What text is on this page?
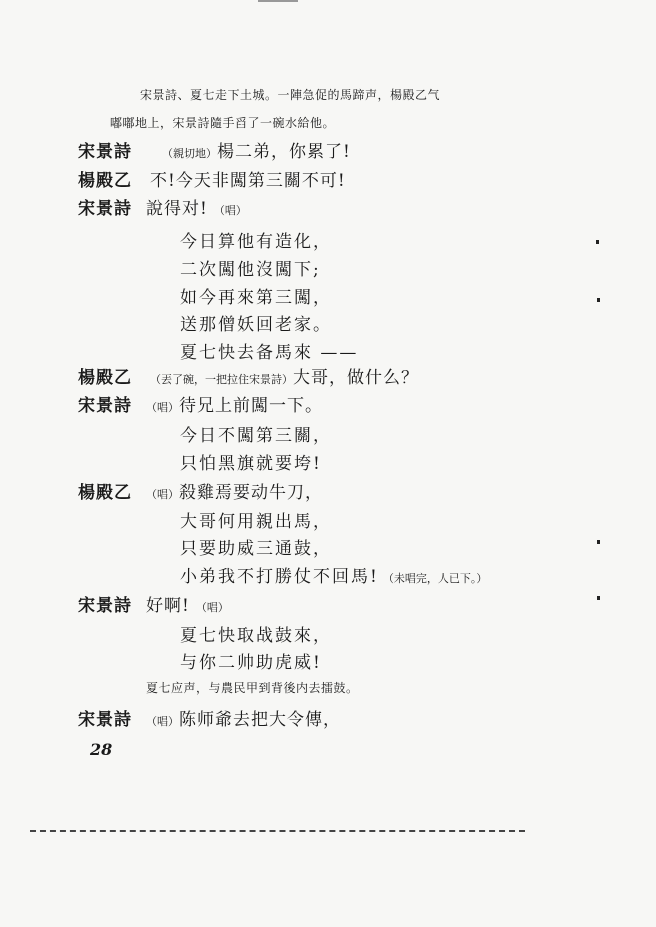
宋景詩、夏七走下土城。一陣急促的馬蹄声，楊殿乙气
嘟嘟地上，宋景詩隨手舀了一碗水給他。
宋景詩	（親切地）楊二弟，你累了!
楊殿乙 不!今天非闖第三關不可!
宋景詩 說得对! （唱）
今日算他有造化，
二次闖他沒闖下;
如今再來第三闖，
送那僧妖回老家。
夏七快去备馬來 ——
楊殿乙 （丟了碗，一把拉住宋景詩）大哥，做什么？
宋景詩 （唱）待兄上前闖一下。
今日不闖第三關，
只怕黑旗就要垮!
楊殿乙 （唱）殺雞焉要动牛刀，
大哥何用親出馬，
只要助威三通鼓，
小弟我不打勝仗不回馬! （未唱完，人已下。）
宋景詩 好啊! （唱）
夏七快取战鼓來，
与你二帅助虎威!
夏七应声，与農民甲到背後内去擂鼓。
宋景詩 （唱）陈师爺去把大令傳，
28
